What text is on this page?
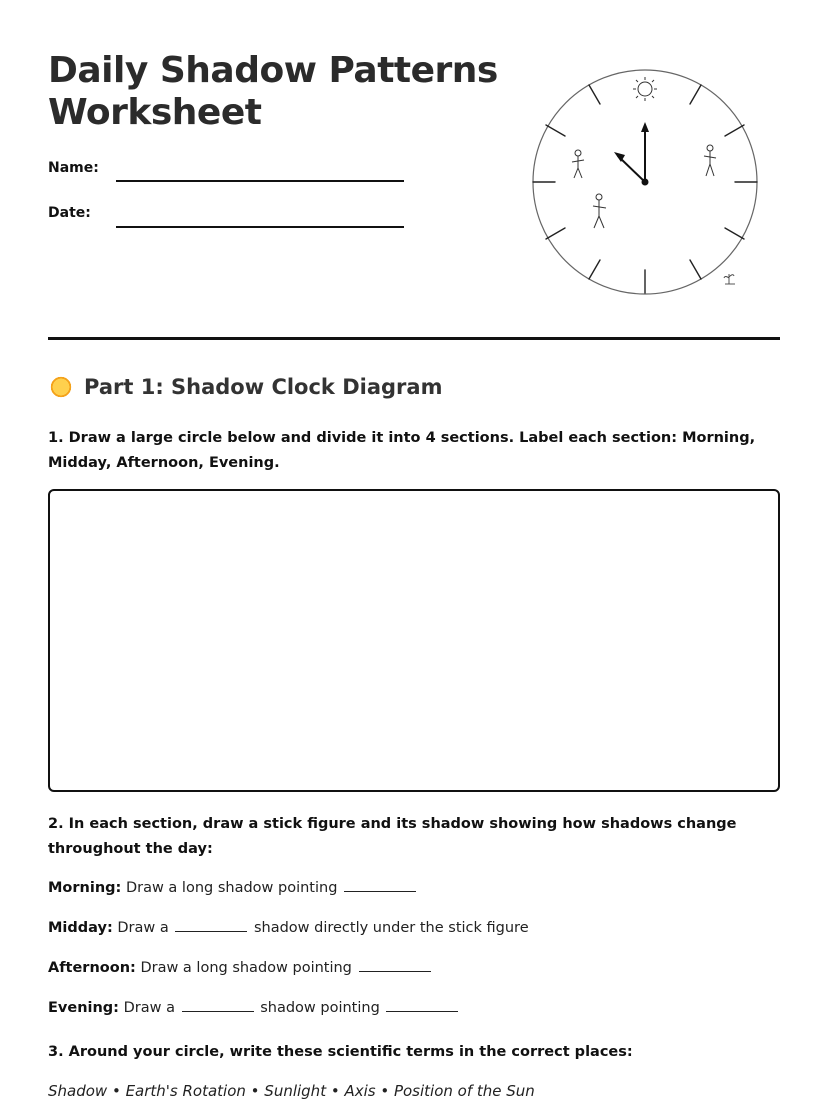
Daily Shadow Patterns Worksheet
Name:
Date:
Part 1: Shadow Clock Diagram
1. Draw a large circle below and divide it into 4 sections. Label each section: Morning, Midday, Afternoon, Evening.
2. In each section, draw a stick figure and its shadow showing how shadows change throughout the day:
Morning: Draw a long shadow pointing
Midday: Draw a	shadow directly under the stick figure
Afternoon: Draw a long shadow pointing
Evening: Draw a	shadow pointing
3. Around your circle, write these scientific terms in the correct places:
Shadow • Earth's Rotation • Sunlight • Axis • Position of the Sun
